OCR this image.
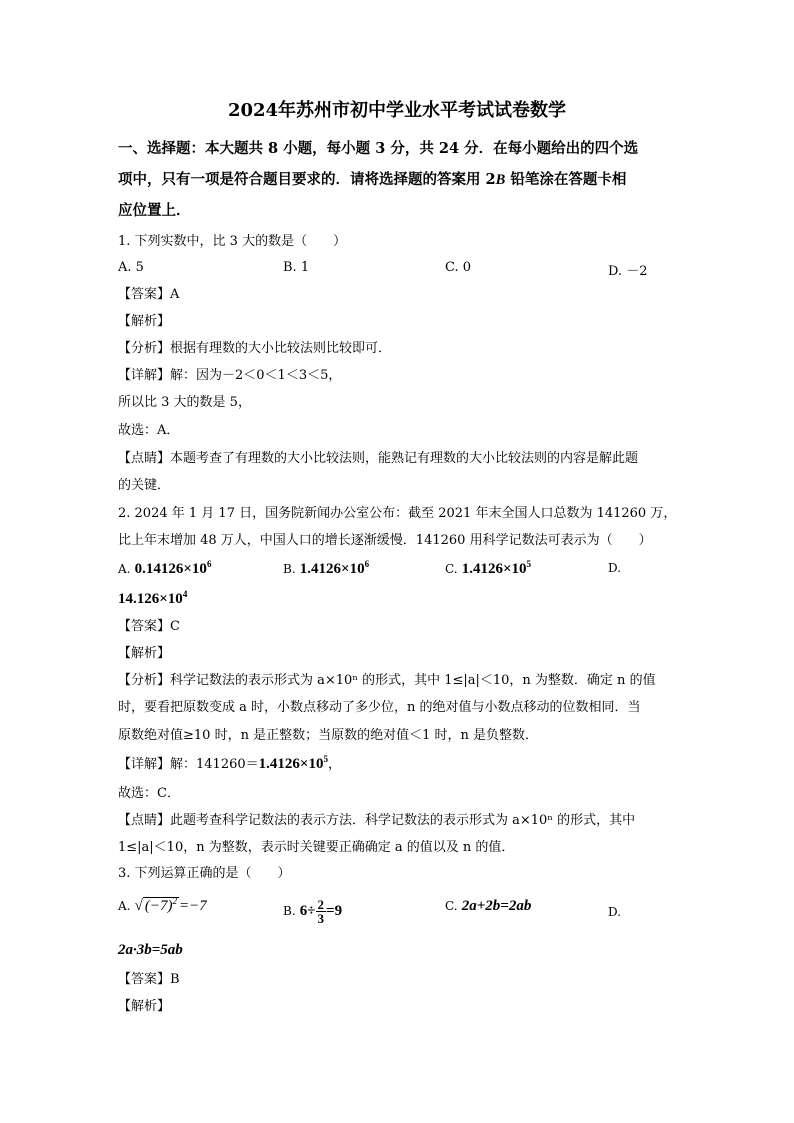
2024年苏州市初中学业水平考试试卷数学
一、选择题：本大题共 8 小题，每小题 3 分，共 24 分．在每小题给出的四个选
项中，只有一项是符合题目要求的．请将选择题的答案用 2B 铅笔涂在答题卡相
应位置上．
1. 下列实数中，比 3 大的数是（　　）
A. 5	B. 1	C. 0	D. －2
【答案】A
【解析】
【分析】根据有理数的大小比较法则比较即可．
【详解】解：因为－2＜0＜1＜3＜5，
所以比 3 大的数是 5，
故选：A．
【点睛】本题考查了有理数的大小比较法则，能熟记有理数的大小比较法则的内容是解此题
的关键．
2. 2024 年 1 月 17 日，国务院新闻办公室公布：截至 2021 年末全国人口总数为 141260 万，
比上年末增加 48 万人，中国人口的增长逐渐缓慢．141260 用科学记数法可表示为（　　）
A. $0.14126\times 10^6$	B. $1.4126\times 10^6$	C. $1.4126\times 10^5$	D.
$14.126\times 10^4$
【答案】C
【解析】
【分析】科学记数法的表示形式为 a×10ⁿ 的形式，其中 1≤|a|＜10，n 为整数．确定 n 的值
时，要看把原数变成 a 时，小数点移动了多少位，n 的绝对值与小数点移动的位数相同．当
原数绝对值≥10 时，n 是正整数；当原数的绝对值＜1 时，n 是负整数．
【详解】解：$141260=1.4126\times 10^5$，
故选：C．
【点睛】此题考查科学记数法的表示方法．科学记数法的表示形式为 a×10ⁿ 的形式，其中
1≤|a|＜10，n 为整数，表示时关键要正确确定 a 的值以及 n 的值．
3. 下列运算正确的是（　　）
A. √ $(-7)^2 =-7$	B. $6\div \frac{2}{3} =9$	C. 2a+2b=2ab	D.
2a·3b=5ab
【答案】B
【解析】
